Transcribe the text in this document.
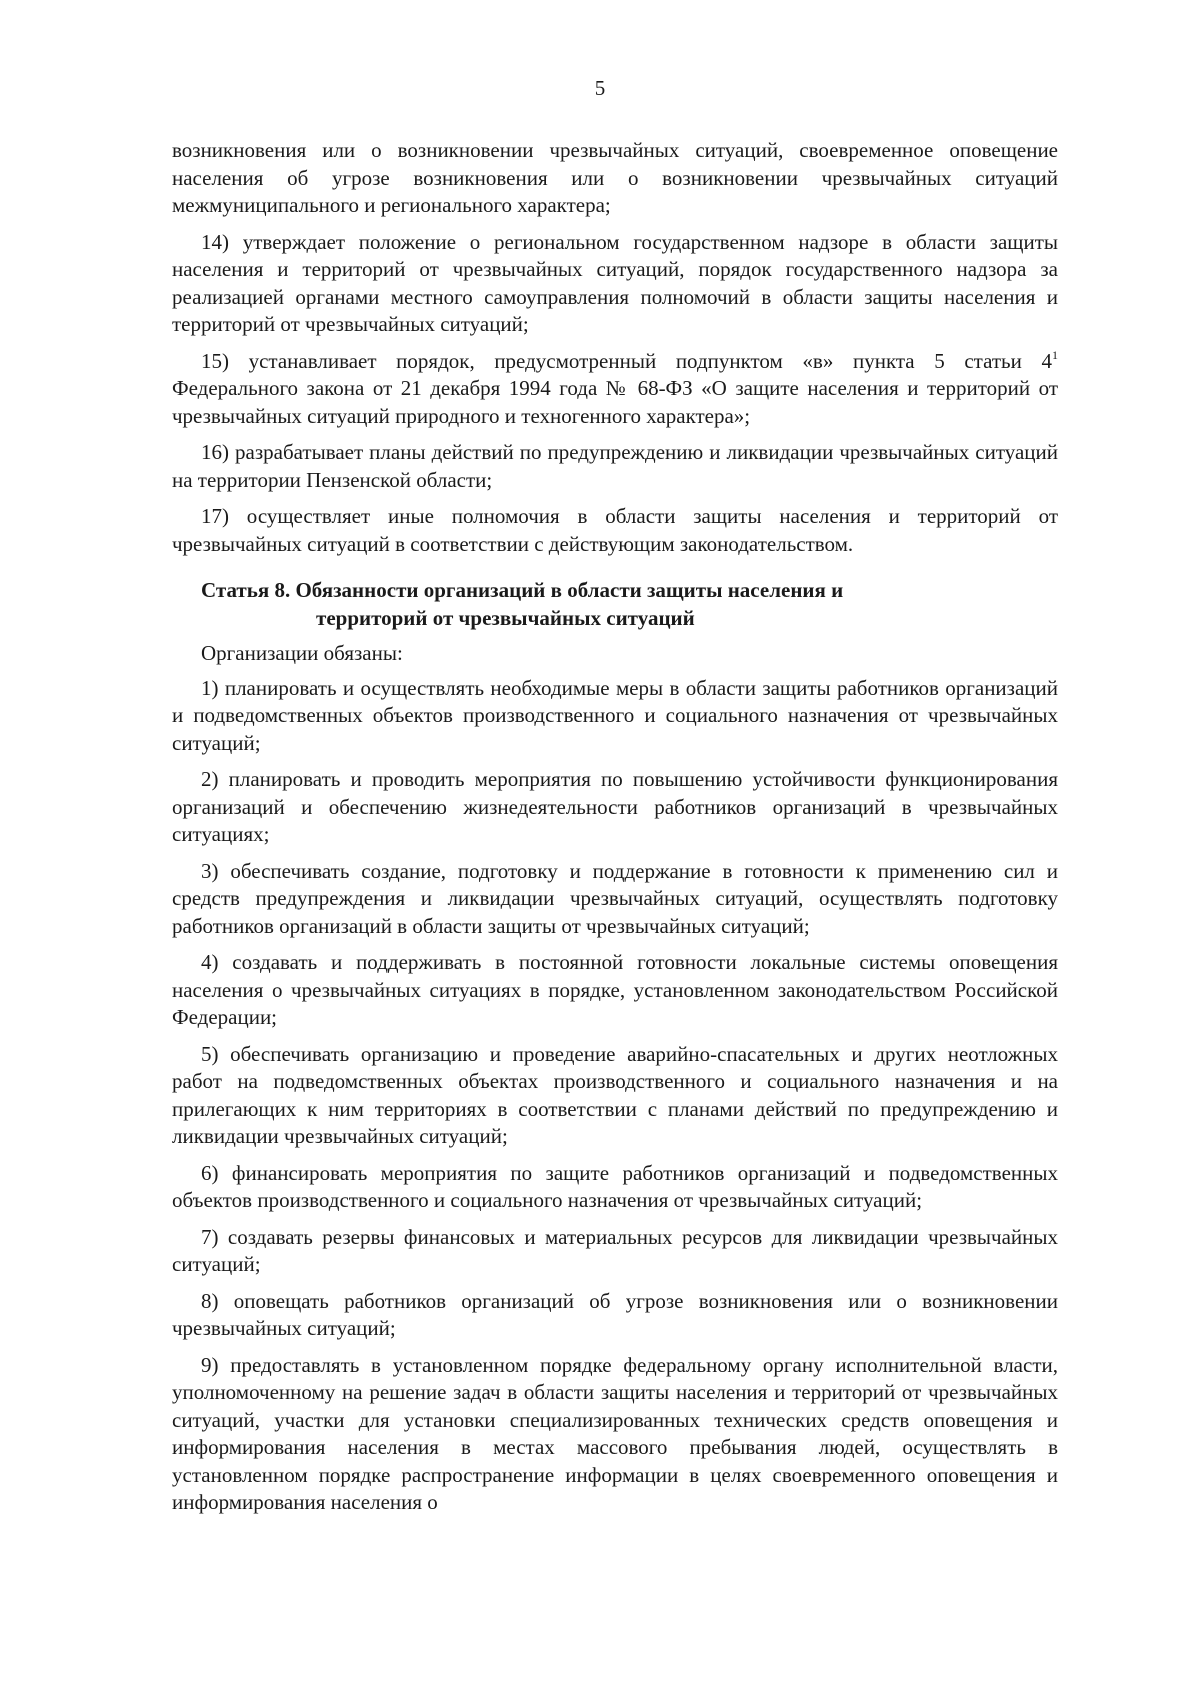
5

возникновения или о возникновении чрезвычайных ситуаций, своевременное оповещение населения об угрозе возникновения или о возникновении чрезвычайных ситуаций межмуниципального и регионального характера;

14) утверждает положение о региональном государственном надзоре в области защиты населения и территорий от чрезвычайных ситуаций, порядок государственного надзора за реализацией органами местного самоуправления полномочий в области защиты населения и территорий от чрезвычайных ситуаций;

15) устанавливает порядок, предусмотренный подпунктом «в» пункта 5 статьи $4^1$ Федерального закона от 21 декабря 1994 года № 68-ФЗ «О защите населения и территорий от чрезвычайных ситуаций природного и техногенного характера»;

16) разрабатывает планы действий по предупреждению и ликвидации чрезвычайных ситуаций на территории Пензенской области;

17) осуществляет иные полномочия в области защиты населения и территорий от чрезвычайных ситуаций в соответствии с действующим законодательством.

Статья 8. Обязанности организаций в области защиты населения и
территорий от чрезвычайных ситуаций

Организации обязаны:

1) планировать и осуществлять необходимые меры в области защиты работников организаций и подведомственных объектов производственного и социального назначения от чрезвычайных ситуаций;

2) планировать и проводить мероприятия по повышению устойчивости функционирования организаций и обеспечению жизнедеятельности работников организаций в чрезвычайных ситуациях;

3) обеспечивать создание, подготовку и поддержание в готовности к применению сил и средств предупреждения и ликвидации чрезвычайных ситуаций, осуществлять подготовку работников организаций в области защиты от чрезвычайных ситуаций;

4) создавать и поддерживать в постоянной готовности локальные системы оповещения населения о чрезвычайных ситуациях в порядке, установленном законодательством Российской Федерации;

5) обеспечивать организацию и проведение аварийно-спасательных и других неотложных работ на подведомственных объектах производственного и социального назначения и на прилегающих к ним территориях в соответствии с планами действий по предупреждению и ликвидации чрезвычайных ситуаций;

6) финансировать мероприятия по защите работников организаций и подведомственных объектов производственного и социального назначения от чрезвычайных ситуаций;

7) создавать резервы финансовых и материальных ресурсов для ликвидации чрезвычайных ситуаций;

8) оповещать работников организаций об угрозе возникновения или о возникновении чрезвычайных ситуаций;

9) предоставлять в установленном порядке федеральному органу исполнительной власти, уполномоченному на решение задач в области защиты населения и территорий от чрезвычайных ситуаций, участки для установки специализированных технических средств оповещения и информирования населения в местах массового пребывания людей, осуществлять в установленном порядке распространение информации в целях своевременного оповещения и информирования населения о
